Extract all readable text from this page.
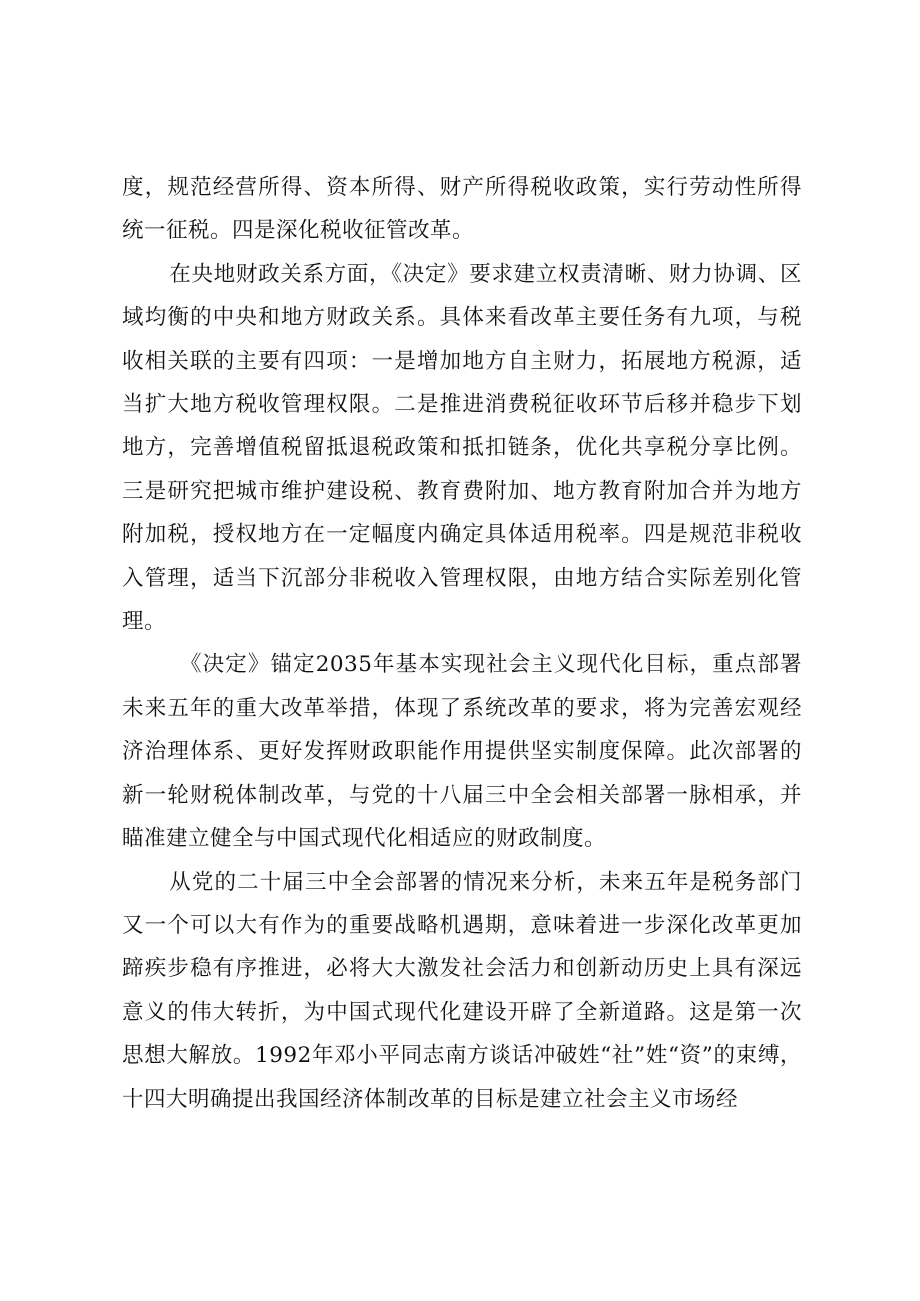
度，规范经营所得、资本所得、财产所得税收政策，实行劳动性所得统一征税。四是深化税收征管改革。

在央地财政关系方面，《决定》要求建立权责清晰、财力协调、区域均衡的中央和地方财政关系。具体来看改革主要任务有九项，与税收相关联的主要有四项：一是增加地方自主财力，拓展地方税源，适当扩大地方税收管理权限。二是推进消费税征收环节后移并稳步下划地方，完善增值税留抵退税政策和抵扣链条，优化共享税分享比例。三是研究把城市维护建设税、教育费附加、地方教育附加合并为地方附加税，授权地方在一定幅度内确定具体适用税率。四是规范非税收入管理，适当下沉部分非税收入管理权限，由地方结合实际差别化管理。

《决定》锚定2035年基本实现社会主义现代化目标，重点部署未来五年的重大改革举措，体现了系统改革的要求，将为完善宏观经济治理体系、更好发挥财政职能作用提供坚实制度保障。此次部署的新一轮财税体制改革，与党的十八届三中全会相关部署一脉相承，并瞄准建立健全与中国式现代化相适应的财政制度。

从党的二十届三中全会部署的情况来分析，未来五年是税务部门又一个可以大有作为的重要战略机遇期，意味着进一步深化改革更加蹄疾步稳有序推进，必将大大激发社会活力和创新动历史上具有深远意义的伟大转折，为中国式现代化建设开辟了全新道路。这是第一次思想大解放。1992年邓小平同志南方谈话冲破姓“社”姓“资”的束缚，十四大明确提出我国经济体制改革的目标是建立社会主义市场经
